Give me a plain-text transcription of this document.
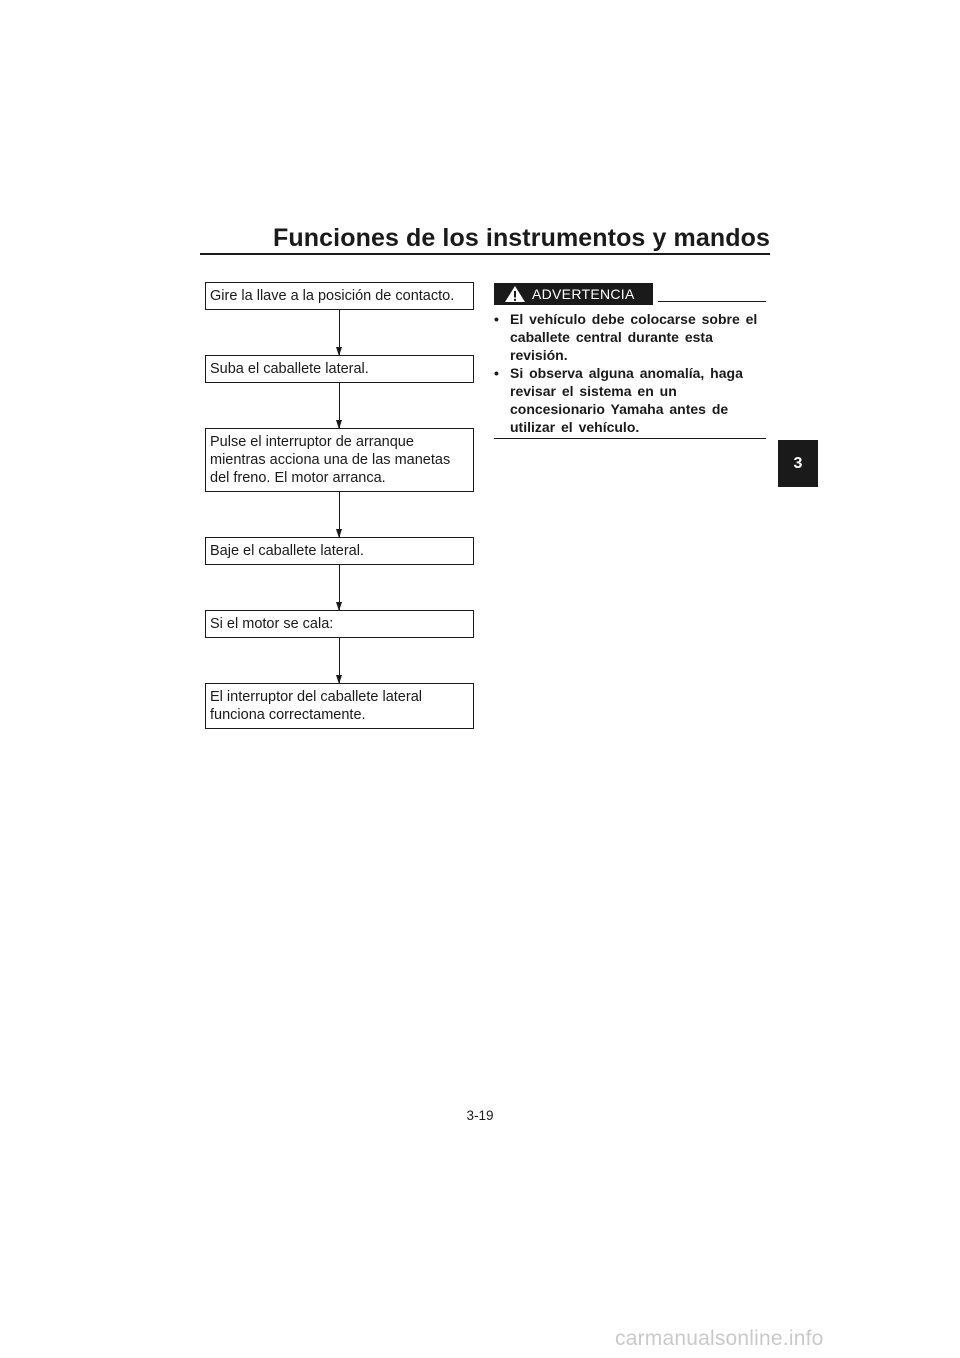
Funciones de los instrumentos y mandos
3
Gire la llave a la posición de contacto.
Suba el caballete lateral.
Pulse el interruptor de arranque
mientras acciona una de las manetas
del freno. El motor arranca.
Baje el caballete lateral.
Si el motor se cala:
El interruptor del caballete lateral
funciona correctamente.
ADVERTENCIA
• El vehículo debe colocarse sobre el caballete central durante esta revisión.
• Si observa alguna anomalía, haga revisar el sistema en un concesionario Yamaha antes de utilizar el vehículo.
3-19
carmanualsonline.info
